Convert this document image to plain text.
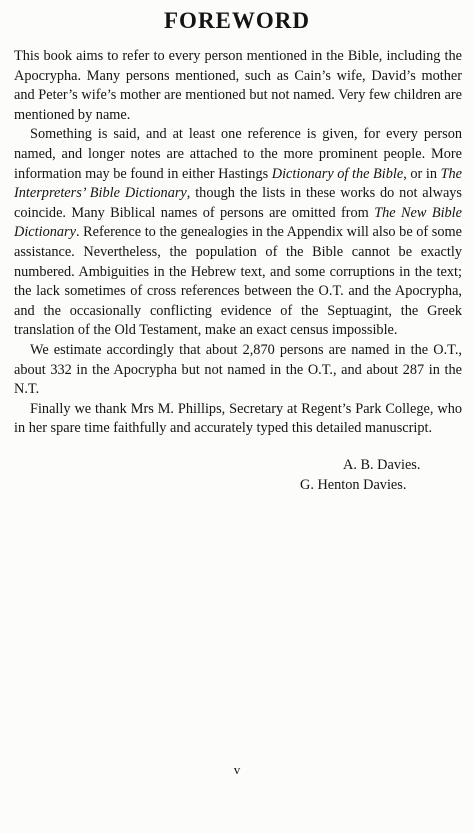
FOREWORD

This book aims to refer to every person mentioned in the Bible, including the Apocrypha. Many persons mentioned, such as Cain’s wife, David’s mother and Peter’s wife’s mother are mentioned but not named. Very few children are mentioned by name.

Something is said, and at least one reference is given, for every person named, and longer notes are attached to the more prominent people. More information may be found in either Hastings Dictionary of the Bible, or in The Interpreters’ Bible Dictionary, though the lists in these works do not always coincide. Many Biblical names of persons are omitted from The New Bible Dictionary. Reference to the genealogies in the Appendix will also be of some assistance. Nevertheless, the population of the Bible cannot be exactly numbered. Ambiguities in the Hebrew text, and some corruptions in the text; the lack sometimes of cross references between the O.T. and the Apocrypha, and the occasionally conflicting evidence of the Septuagint, the Greek translation of the Old Testament, make an exact census impossible.

We estimate accordingly that about 2,870 persons are named in the O.T., about 332 in the Apocrypha but not named in the O.T., and about 287 in the N.T.

Finally we thank Mrs M. Phillips, Secretary at Regent’s Park College, who in her spare time faithfully and accurately typed this detailed manuscript.

A. B. Davies.
G. Henton Davies.
v
